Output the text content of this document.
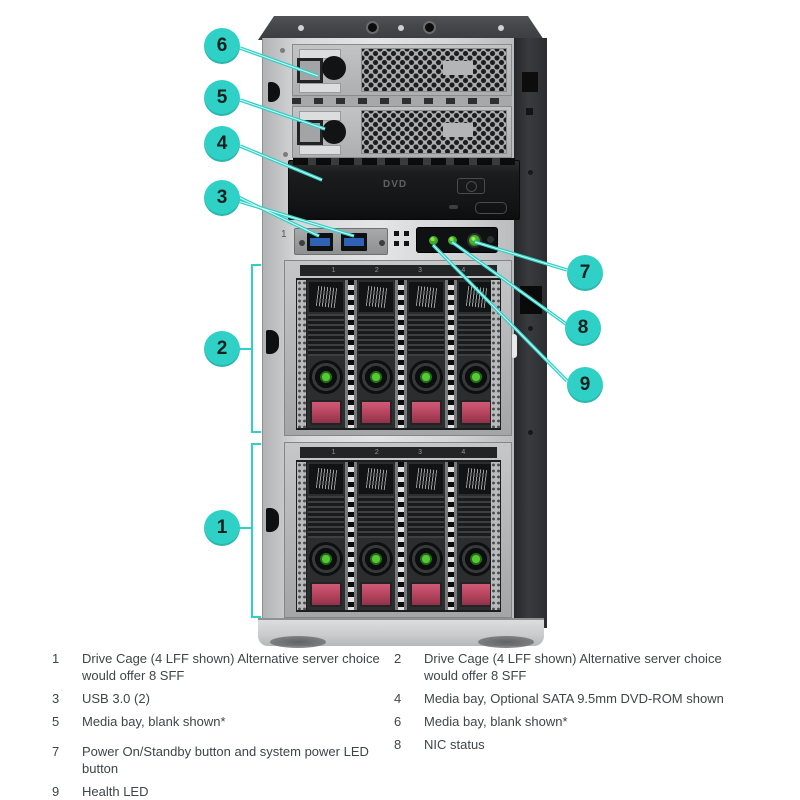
DVD
1
1	2	3	4
1	2	3	4
6
5
4
3
2
1
7
8
9
1	Drive Cage (4 LFF shown) Alternative server choice would offer 8 SFF
3	USB 3.0 (2)
5	Media bay, blank shown*
7	Power On/Standby button and system power LED button
9	Health LED
2	Drive Cage (4 LFF shown) Alternative server choice would offer 8 SFF
4	Media bay, Optional SATA 9.5mm DVD-ROM shown
6	Media bay, blank shown*
8	NIC status
